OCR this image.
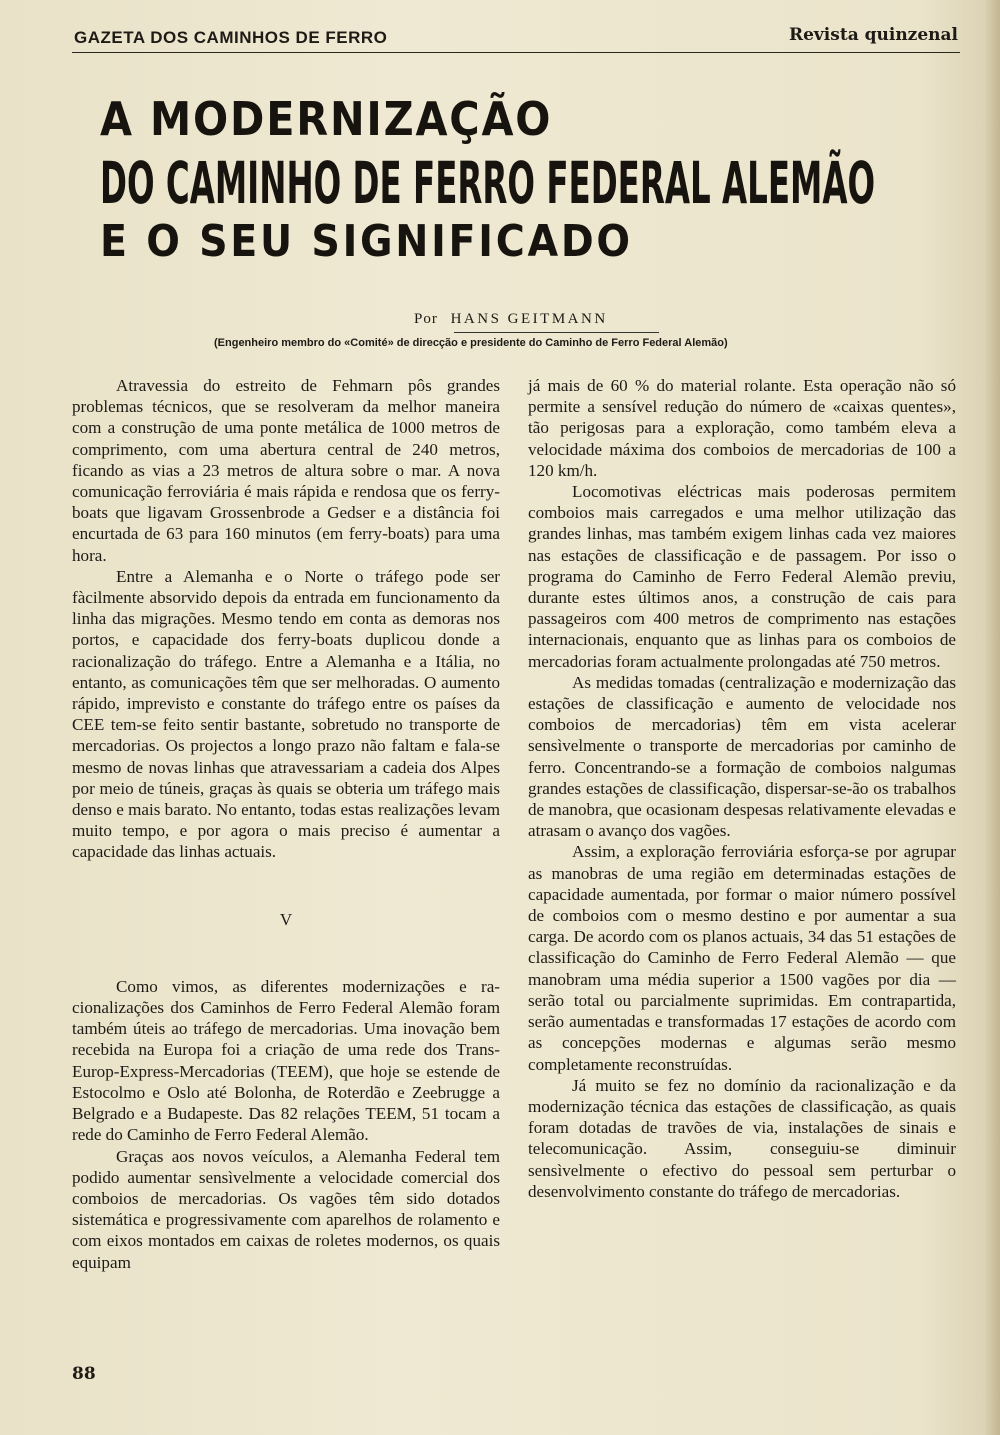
GAZETA DOS CAMINHOS DE FERRO	Revista quinzenal
A MODERNIZAÇÃO
DO CAMINHO DE FERRO FEDERAL ALEMÃO
E O SEU SIGNIFICADO
Por HANS GEITMANN
(Engenheiro membro do «Comité» de direcção e presidente do Caminho de Ferro Federal Alemão)

Atravessia do estreito de Fehmarn pôs grandes problemas técnicos, que se resolveram da melhor maneira com a construção de uma ponte metálica de 1000 metros de comprimento, com uma abertura central de 240 metros, ficando as vias a 23 metros de altura sobre o mar. A nova comunicação ferroviária é mais rápida e rendosa que os ferry-boats que ligavam Grossenbrode a Gedser e a distância foi encurtada de 63 para 160 minutos (em ferry-boats) para uma hora.

Entre a Alemanha e o Norte o tráfego pode ser fàcilmente absorvido depois da entrada em funcionamento da linha das migrações. Mesmo tendo em conta as demoras nos portos, e capacidade dos ferry-boats duplicou donde a racionalização do tráfego. Entre a Alemanha e a Itália, no entanto, as comunicações têm que ser melhoradas. O aumento rápido, imprevisto e constante do tráfego entre os países da CEE tem-se feito sentir bastante, sobretudo no transporte de mercadorias. Os projectos a longo prazo não faltam e fala-se mesmo de novas linhas que atravessariam a cadeia dos Alpes por meio de túneis, graças às quais se obteria um tráfego mais denso e mais barato. No entanto, todas estas realizações levam muito tempo, e por agora o mais preciso é aumentar a capacidade das linhas actuais.

V

Como vimos, as diferentes modernizações e racionalizações dos Caminhos de Ferro Federal Alemão foram também úteis ao tráfego de mercadorias. Uma inovação bem recebida na Europa foi a criação de uma rede dos Trans-Europ-Express-Mercadorias (TEEM), que hoje se estende de Estocolmo e Oslo até Bolonha, de Roterdão e Zeebrugge a Belgrado e a Budapeste. Das 82 relações TEEM, 51 tocam a rede do Caminho de Ferro Federal Alemão.

Graças aos novos veículos, a Alemanha Federal tem podido aumentar sensìvelmente a velocidade comercial dos comboios de mercadorias. Os vagões têm sido dotados sistemática e progressivamente com aparelhos de rolamento e com eixos montados em caixas de roletes modernos, os quais equipam

já mais de 60 % do material rolante. Esta operação não só permite a sensível redução do número de «caixas quentes», tão perigosas para a exploração, como também eleva a velocidade máxima dos comboios de mercadorias de 100 a 120 km/h.

Locomotivas eléctricas mais poderosas permitem comboios mais carregados e uma melhor utilização das grandes linhas, mas também exigem linhas cada vez maiores nas estações de classificação e de passagem. Por isso o programa do Caminho de Ferro Federal Alemão previu, durante estes últimos anos, a construção de cais para passageiros com 400 metros de comprimento nas estações internacionais, enquanto que as linhas para os comboios de mercadorias foram actualmente prolongadas até 750 metros.

As medidas tomadas (centralização e modernização das estações de classificação e aumento de velocidade nos comboios de mercadorias) têm em vista acelerar sensìvelmente o transporte de mercadorias por caminho de ferro. Concentrando-se a formação de comboios nalgumas grandes estações de classificação, dispersar-se-ão os trabalhos de manobra, que ocasionam despesas relativamente elevadas e atrasam o avanço dos vagões.

Assim, a exploração ferroviária esforça-se por agrupar as manobras de uma região em determinadas estações de capacidade aumentada, por formar o maior número possível de comboios com o mesmo destino e por aumentar a sua carga. De acordo com os planos actuais, 34 das 51 estações de classificação do Caminho de Ferro Federal Alemão — que manobram uma média superior a 1500 vagões por dia — serão total ou parcialmente suprimidas. Em contrapartida, serão aumentadas e transformadas 17 estações de acordo com as concepções modernas e algumas serão mesmo completamente reconstruídas.

Já muito se fez no domínio da racionalização e da modernização técnica das estações de classificação, as quais foram dotadas de travões de via, instalações de sinais e telecomunicação. Assim, conseguiu-se diminuir sensìvelmente o efectivo do pessoal sem perturbar o desenvolvimento constante do tráfego de mercadorias.

88
